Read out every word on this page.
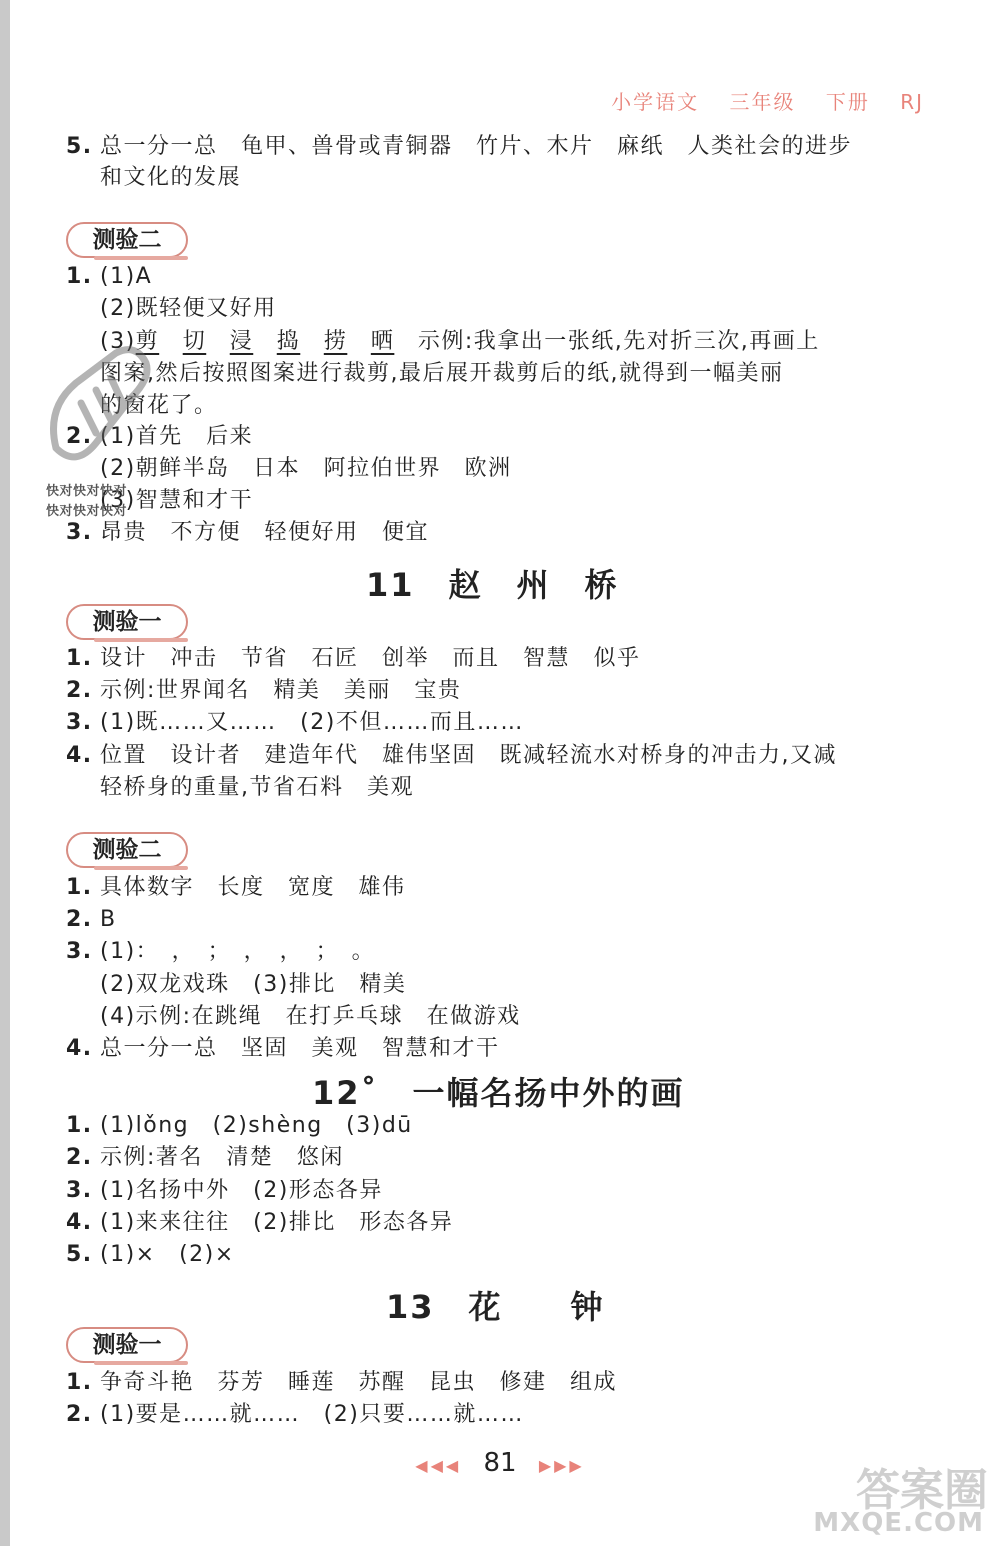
小学语文 三年级 下册 RJ
5. 总一分一总　龟甲、兽骨或青铜器　竹片、木片　麻纸　人类社会的进步
和文化的发展
测验二
1. (1)A
(2)既轻便又好用
(3)剪　 切　 浸　 捣　 捞　 晒　 示例:我拿出一张纸,先对折三次,再画上
图案,然后按照图案进行裁剪,最后展开裁剪后的纸,就得到一幅美丽
的窗花了。
2. (1)首先　后来
(2)朝鲜半岛　日本　阿拉伯世界　欧洲
(3)智慧和才干
3. 昂贵　不方便　轻便好用　便宜
快对快对快对
快对快对快对
11　赵　州　桥
测验一
1. 设计　冲击　节省　石匠　创举　而且　智慧　似乎
2. 示例:世界闻名　精美　美丽　宝贵
3. (1)既……又……　(2)不但……而且……
4. 位置　设计者　建造年代　雄伟坚固　既减轻流水对桥身的冲击力,又减
轻桥身的重量,节省石料　美观
测验二
1. 具体数字　长度　宽度　雄伟
2. B
3. (1)：　，　；　，　，　；　。
(2)双龙戏珠　(3)排比　精美
(4)示例:在跳绳　在打乒乓球　在做游戏
4. 总一分一总　坚固　美观　智慧和才干
12˚　一幅名扬中外的画
1. (1)lǒng　(2)shèng　(3)dū
2. 示例:著名　清楚　悠闲
3. (1)名扬中外　(2)形态各异
4. (1)来来往往　(2)排比　形态各异
5. (1)×　(2)×
13　花　　钟
测验一
1. 争奇斗艳　芬芳　睡莲　苏醒　昆虫　修建　组成
2. (1)要是……就……　(2)只要……就……
◀◀◀ 81 ▶▶▶	答案圈
MXQE.COM
